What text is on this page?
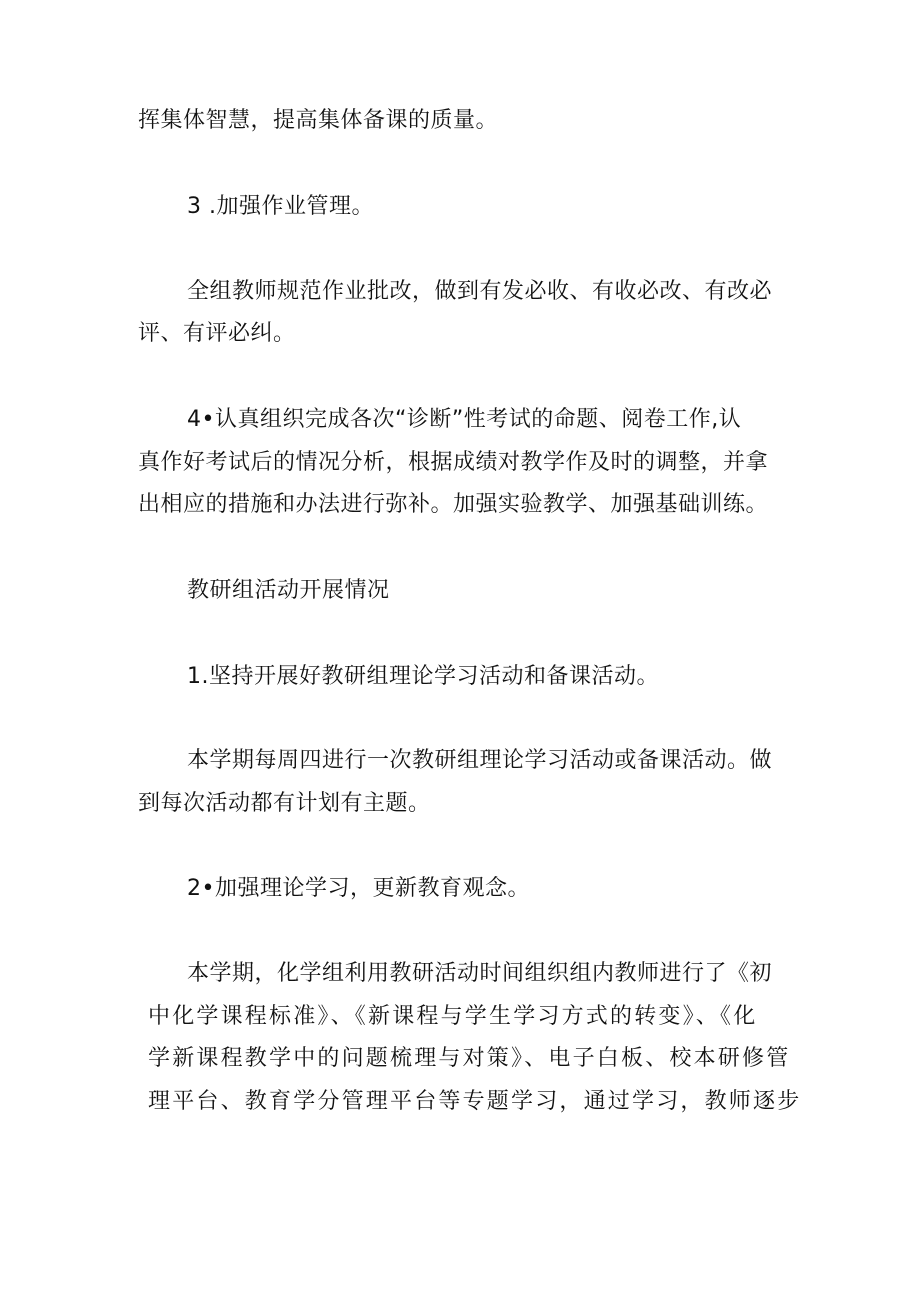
挥集体智慧，提高集体备课的质量。
3 .加强作业管理。
全组教师规范作业批改，做到有发必收、有收必改、有改必
评、有评必纠。
4•认真组织完成各次“诊断”性考试的命题、阅卷工作,认
真作好考试后的情况分析，根据成绩对教学作及时的调整，并拿
出相应的措施和办法进行弥补。加强实验教学、加强基础训练。
教研组活动开展情况
1.坚持开展好教研组理论学习活动和备课活动。
本学期每周四进行一次教研组理论学习活动或备课活动。做
到每次活动都有计划有主题。
2•加强理论学习，更新教育观念。
本学期，化学组利用教研活动时间组织组内教师进行了《初
中化学课程标准》、《新课程与学生学习方式的转变》、《化
学新课程教学中的问题梳理与对策》、电子白板、校本研修管
理平台、教育学分管理平台等专题学习，通过学习，教师逐步
